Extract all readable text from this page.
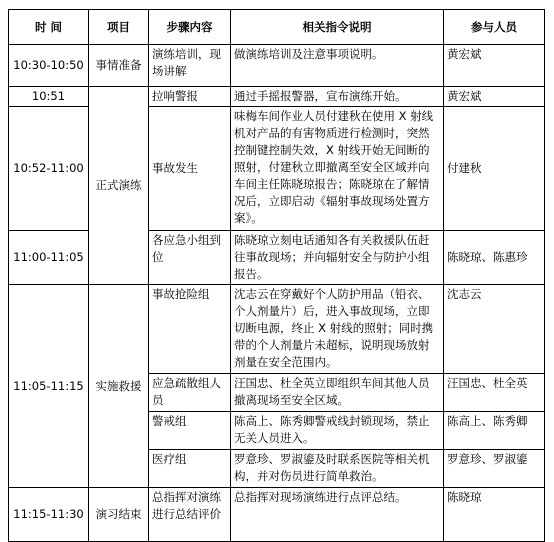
时 间	项目	步骤内容	相关指令说明	参与人员
10:30-10:50	事情准备	演练培训，现场讲解	做演练培训及注意事项说明。	黄宏斌
10:51	正式演练	拉响警报	通过手摇报警器，宣布演练开始。	黄宏斌
10:52-11:00		事故发生	味梅车间作业人员付建秋在使用 X 射线机对产品的有害物质进行检测时，突然控制键控制失效，X 射线开始无间断的照射，付建秋立即撤离至安全区域并向车间主任陈晓琼报告；陈晓琼在了解情况后，立即启动《辐射事故现场处置方案》。	付建秋
11:00-11:05		各应急小组到位	陈晓琼立刻电话通知各有关救援队伍赶往事故现场；并向辐射安全与防护小组报告。	陈晓琼、陈惠珍
11:05-11:15	实施救援	事故抢险组	沈志云在穿戴好个人防护用品（铅衣、个人剂量片）后，进入事故现场，立即切断电源，终止 X 射线的照射；同时携带的个人剂量片未超标，说明现场放射剂量在安全范围内。	沈志云
		应急疏散组人员	汪国忠、杜全英立即组织车间其他人员撤离现场至安全区域。	汪国忠、杜全英
		警戒组	陈高上、陈秀卿警戒线封锁现场，禁止无关人员进入。	陈高上、陈秀卿
		医疗组	罗意珍、罗淑鎏及时联系医院等相关机构，并对伤员进行简单救治。	罗意珍、罗淑鎏
11:15-11:30	演习结束	总指挥对演练进行总结评价	总指挥对现场演练进行点评总结。	陈晓琼
